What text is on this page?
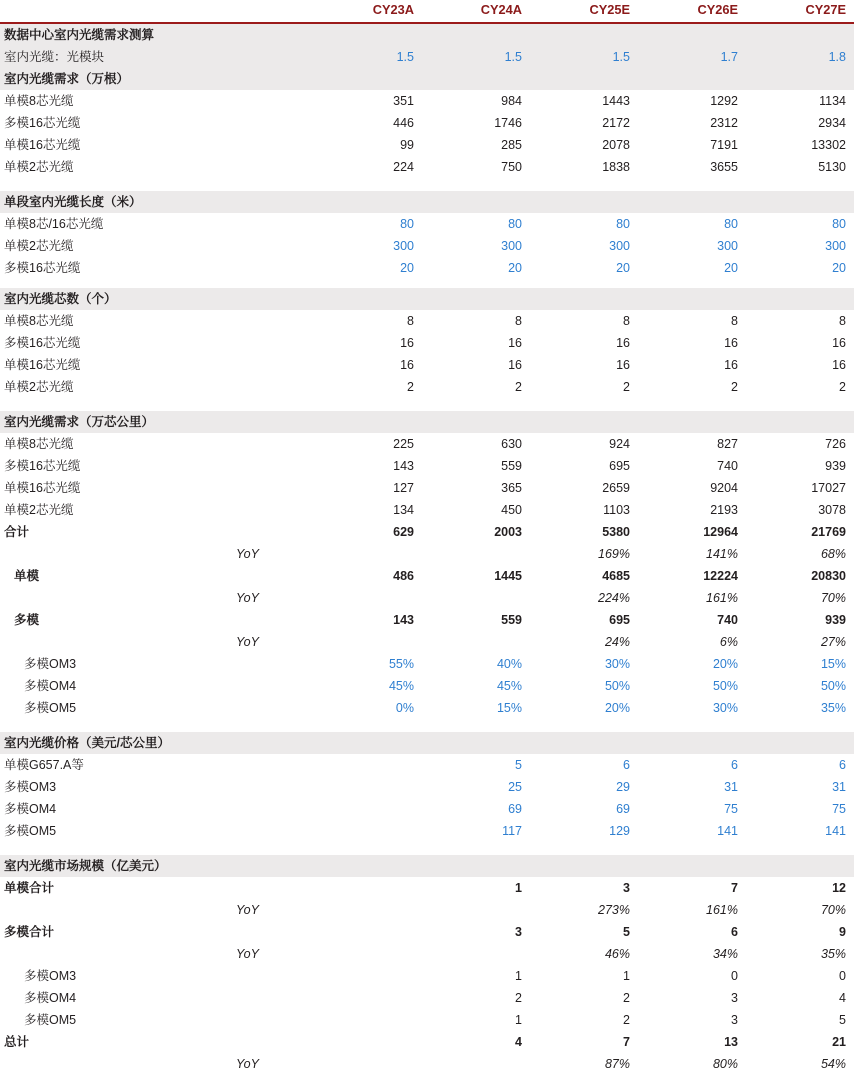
		CY23A	CY24A	CY25E	CY26E	CY27E
数据中心室内光缆需求测算						
室内光缆：光模块		1.5	1.5	1.5	1.7	1.8
室内光缆需求（万根）						
单模8芯光缆		351	984	1443	1292	1134
多模16芯光缆		446	1746	2172	2312	2934
单模16芯光缆		99	285	2078	7191	13302
单模2芯光缆		224	750	1838	3655	5130

单段室内光缆长度（米）						
单模8芯/16芯光缆		80	80	80	80	80
单模2芯光缆		300	300	300	300	300
多模16芯光缆		20	20	20	20	20

室内光缆芯数（个）						
单模8芯光缆		8	8	8	8	8
多模16芯光缆		16	16	16	16	16
单模16芯光缆		16	16	16	16	16
单模2芯光缆		2	2	2	2	2

室内光缆需求（万芯公里）						
单模8芯光缆		225	630	924	827	726
多模16芯光缆		143	559	695	740	939
单模16芯光缆		127	365	2659	9204	17027
单模2芯光缆		134	450	1103	2193	3078
合计		629	2003	5380	12964	21769
	YoY			169%	141%	68%
单模		486	1445	4685	12224	20830
	YoY			224%	161%	70%
多模		143	559	695	740	939
	YoY			24%	6%	27%
多模OM3		55%	40%	30%	20%	15%
多模OM4		45%	45%	50%	50%	50%
多模OM5		0%	15%	20%	30%	35%

室内光缆价格（美元/芯公里）						
单模G657.A等			5	6	6	6
多模OM3			25	29	31	31
多模OM4			69	69	75	75
多模OM5			117	129	141	141

室内光缆市场规模（亿美元）						
单模合计			1	3	7	12
	YoY			273%	161%	70%
多模合计			3	5	6	9
	YoY			46%	34%	35%
多模OM3			1	1	0	0
多模OM4			2	2	3	4
多模OM5			1	2	3	5
总计			4	7	13	21
	YoY			87%	80%	54%
